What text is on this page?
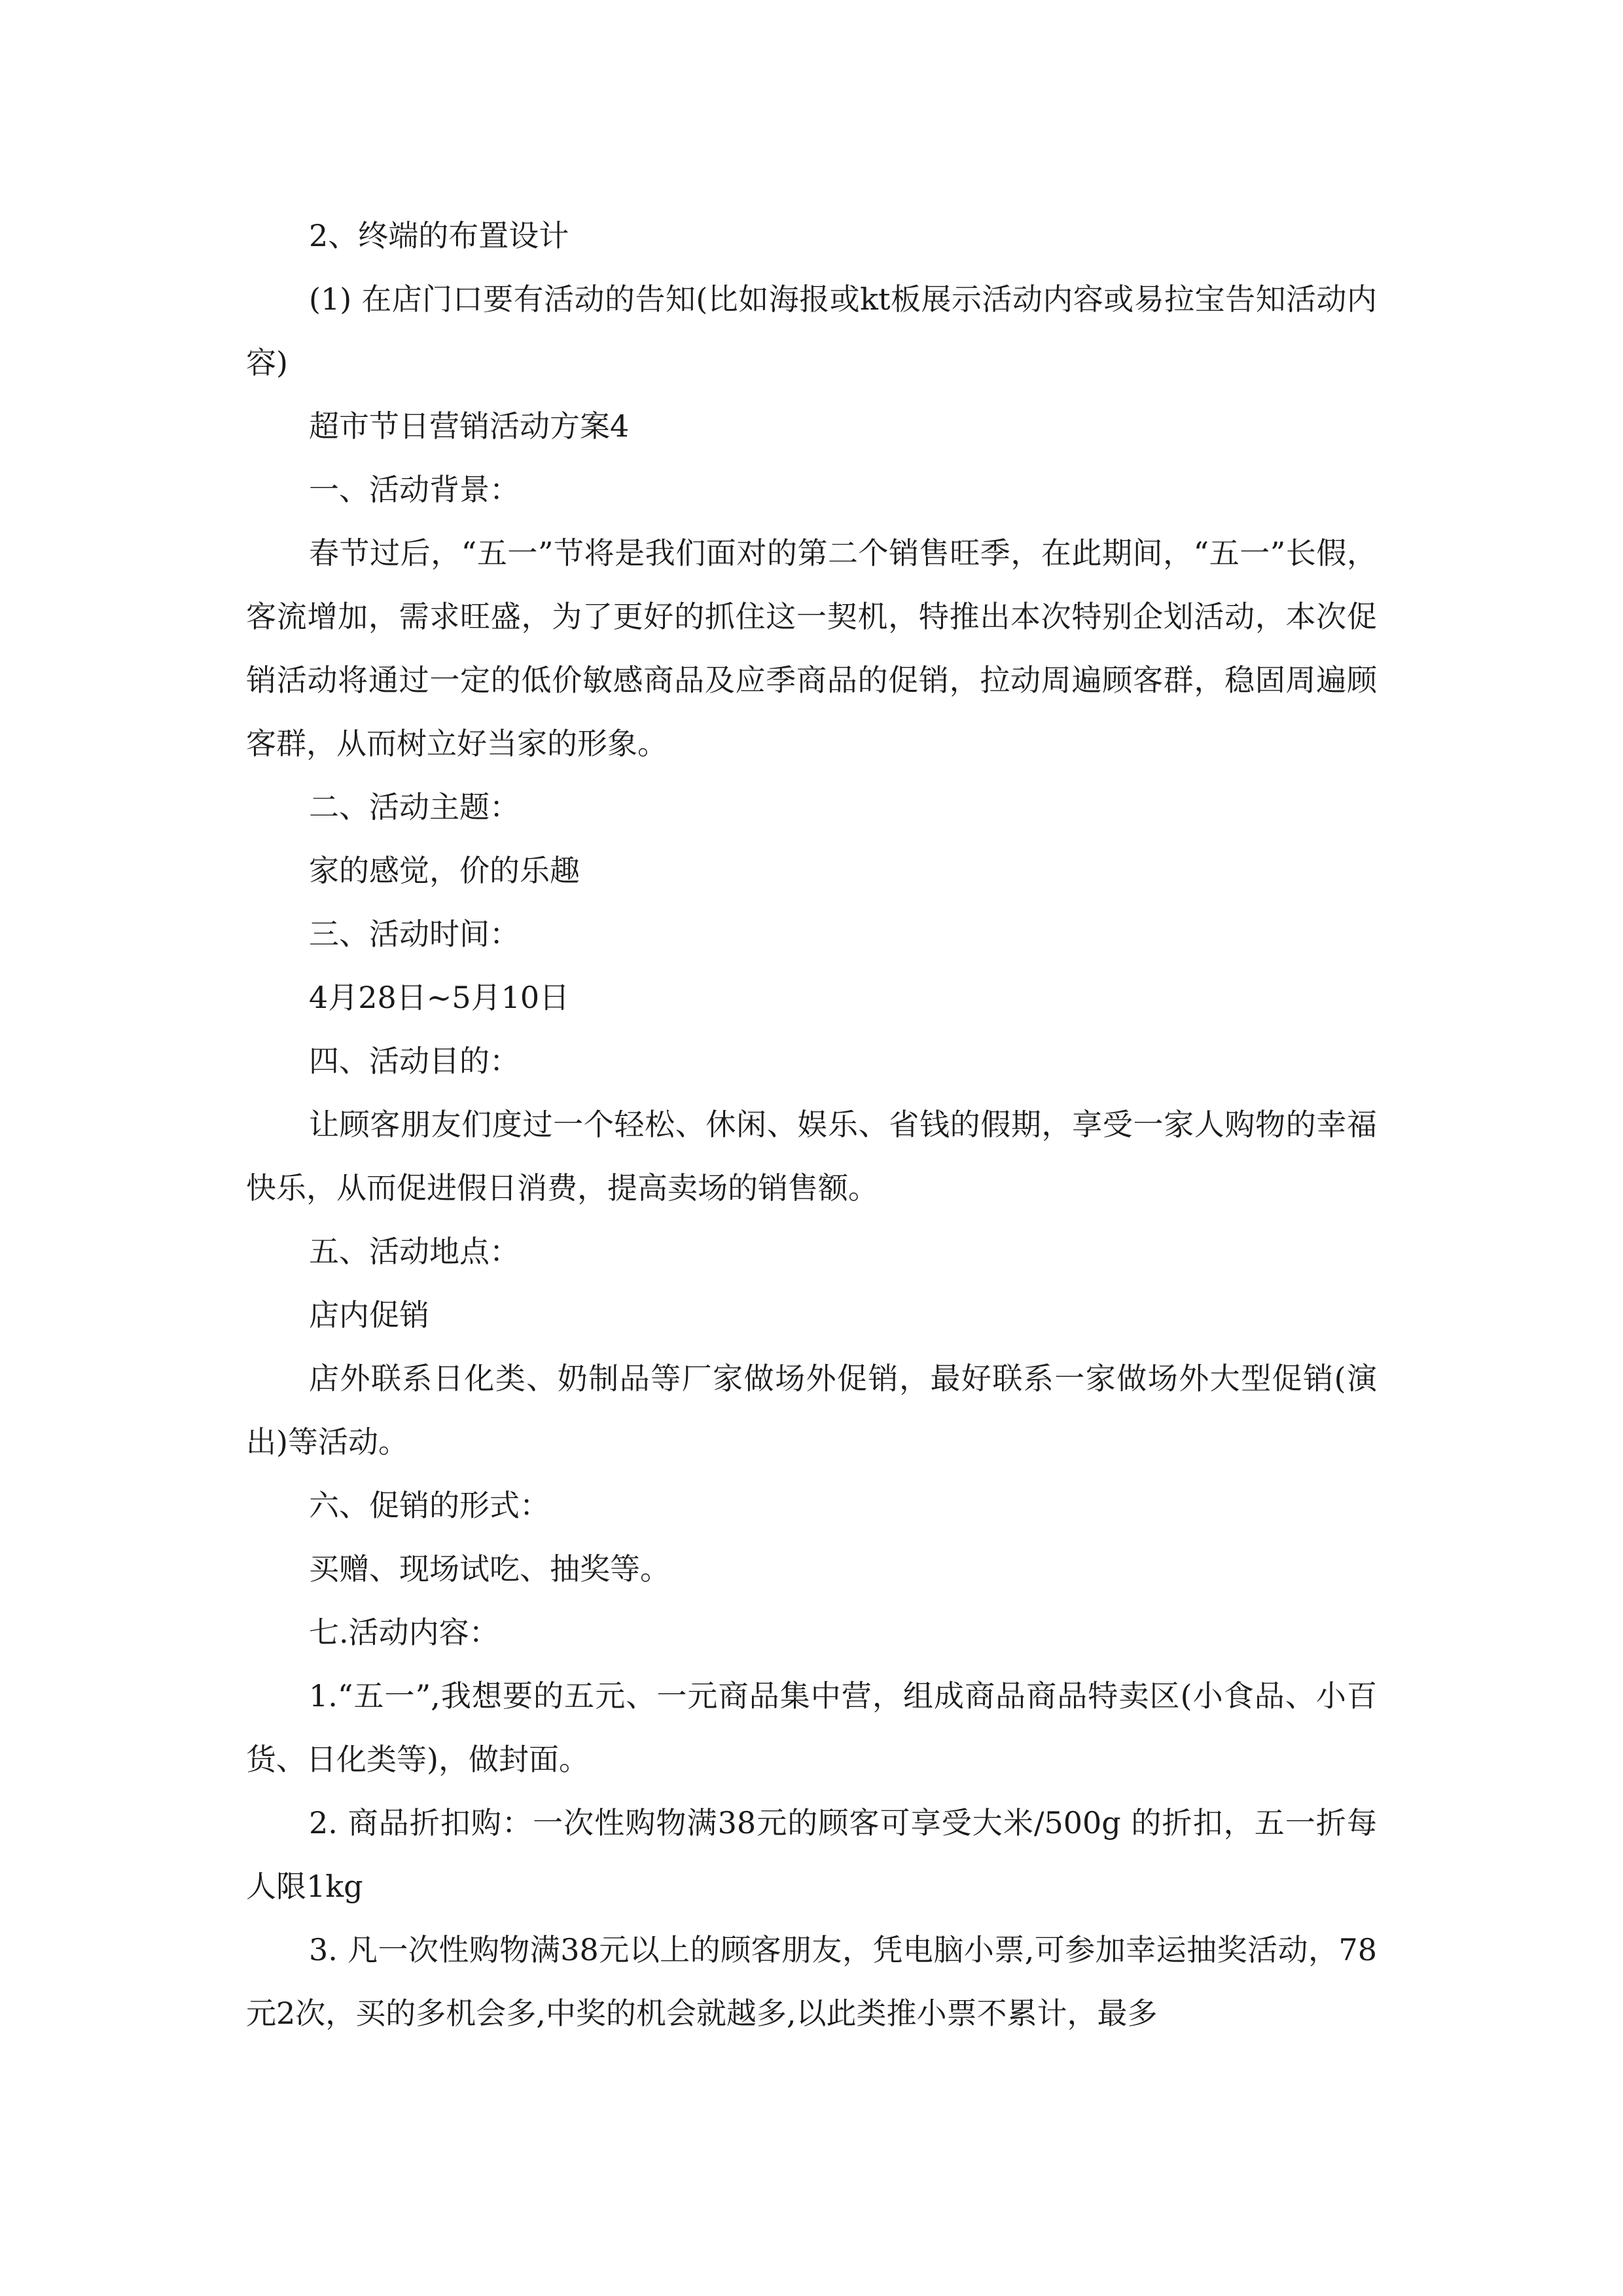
2、终端的布置设计

(1) 在店门口要有活动的告知(比如海报或kt板展示活动内容或易拉宝告知活动内容)

超市节日营销活动方案4

一、活动背景：

春节过后，“五一”节将是我们面对的第二个销售旺季，在此期间，“五一”长假，客流增加，需求旺盛，为了更好的抓住这一契机，特推出本次特别企划活动，本次促销活动将通过一定的低价敏感商品及应季商品的促销，拉动周遍顾客群，稳固周遍顾客群，从而树立好当家的形象。

二、活动主题：

家的感觉，价的乐趣

三、活动时间：

4月28日~5月10日

四、活动目的：

让顾客朋友们度过一个轻松、休闲、娱乐、省钱的假期，享受一家人购物的幸福快乐，从而促进假日消费，提高卖场的销售额。

五、活动地点：

店内促销

店外联系日化类、奶制品等厂家做场外促销，最好联系一家做场外大型促销(演出)等活动。

六、促销的形式：

买赠、现场试吃、抽奖等。

七.活动内容：

1.“五一”,我想要的五元、一元商品集中营，组成商品商品特卖区(小食品、小百货、日化类等)，做封面。

2. 商品折扣购：一次性购物满38元的顾客可享受大米/500g 的折扣，五一折每人限1kg

3. 凡一次性购物满38元以上的顾客朋友，凭电脑小票,可参加幸运抽奖活动，78元2次，买的多机会多,中奖的机会就越多,以此类推小票不累计，最多
